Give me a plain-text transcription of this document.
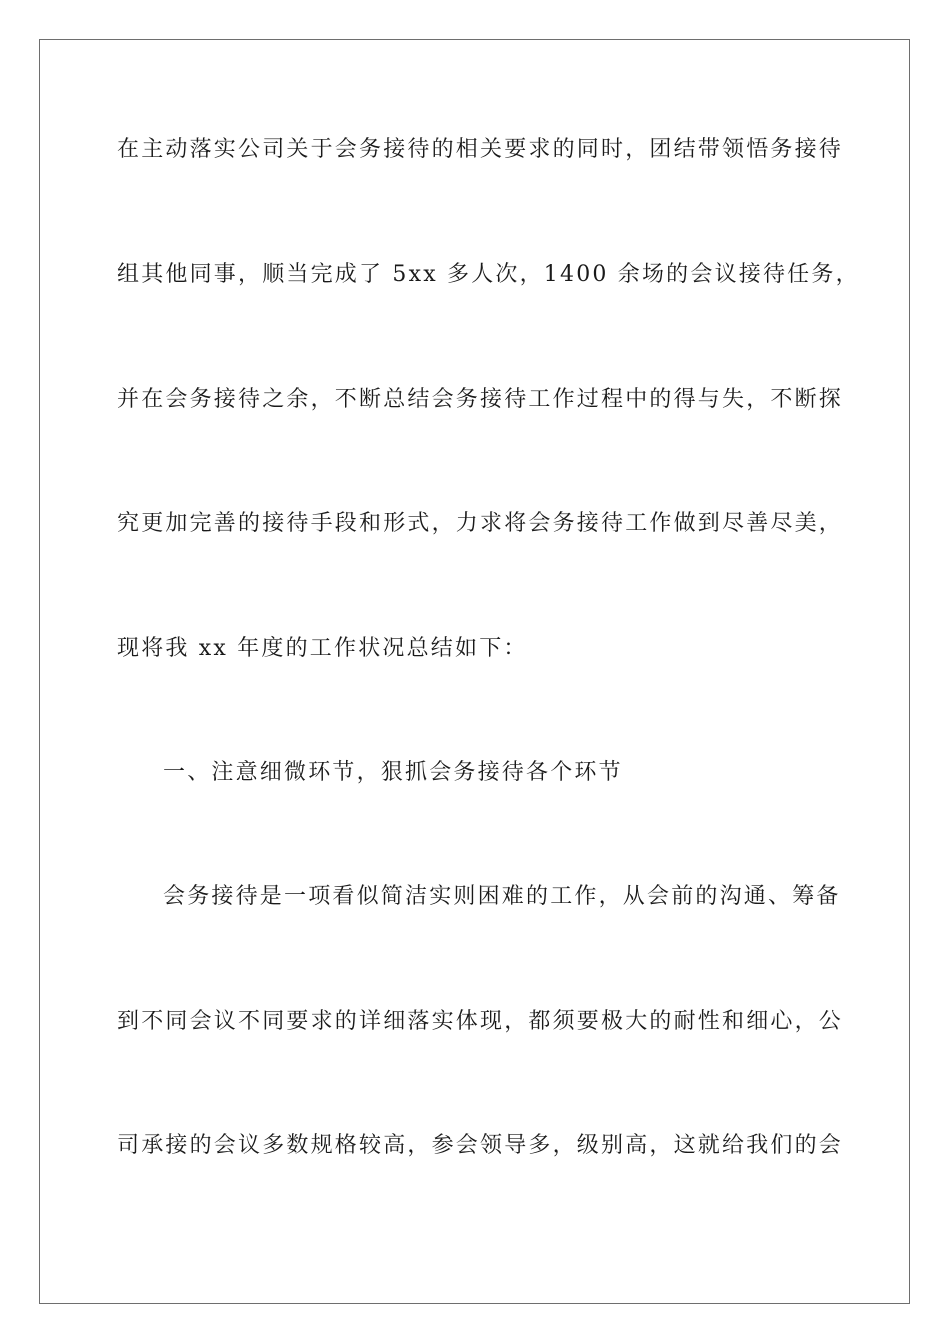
在主动落实公司关于会务接待的相关要求的同时，团结带领悟务接待
组其他同事，顺当完成了 5xx 多人次，1400 余场的会议接待任务，
并在会务接待之余，不断总结会务接待工作过程中的得与失，不断探
究更加完善的接待手段和形式，力求将会务接待工作做到尽善尽美，
现将我 xx 年度的工作状况总结如下：
一、注意细微环节，狠抓会务接待各个环节
会务接待是一项看似简洁实则困难的工作，从会前的沟通、筹备
到不同会议不同要求的详细落实体现，都须要极大的耐性和细心，公
司承接的会议多数规格较高，参会领导多，级别高，这就给我们的会
